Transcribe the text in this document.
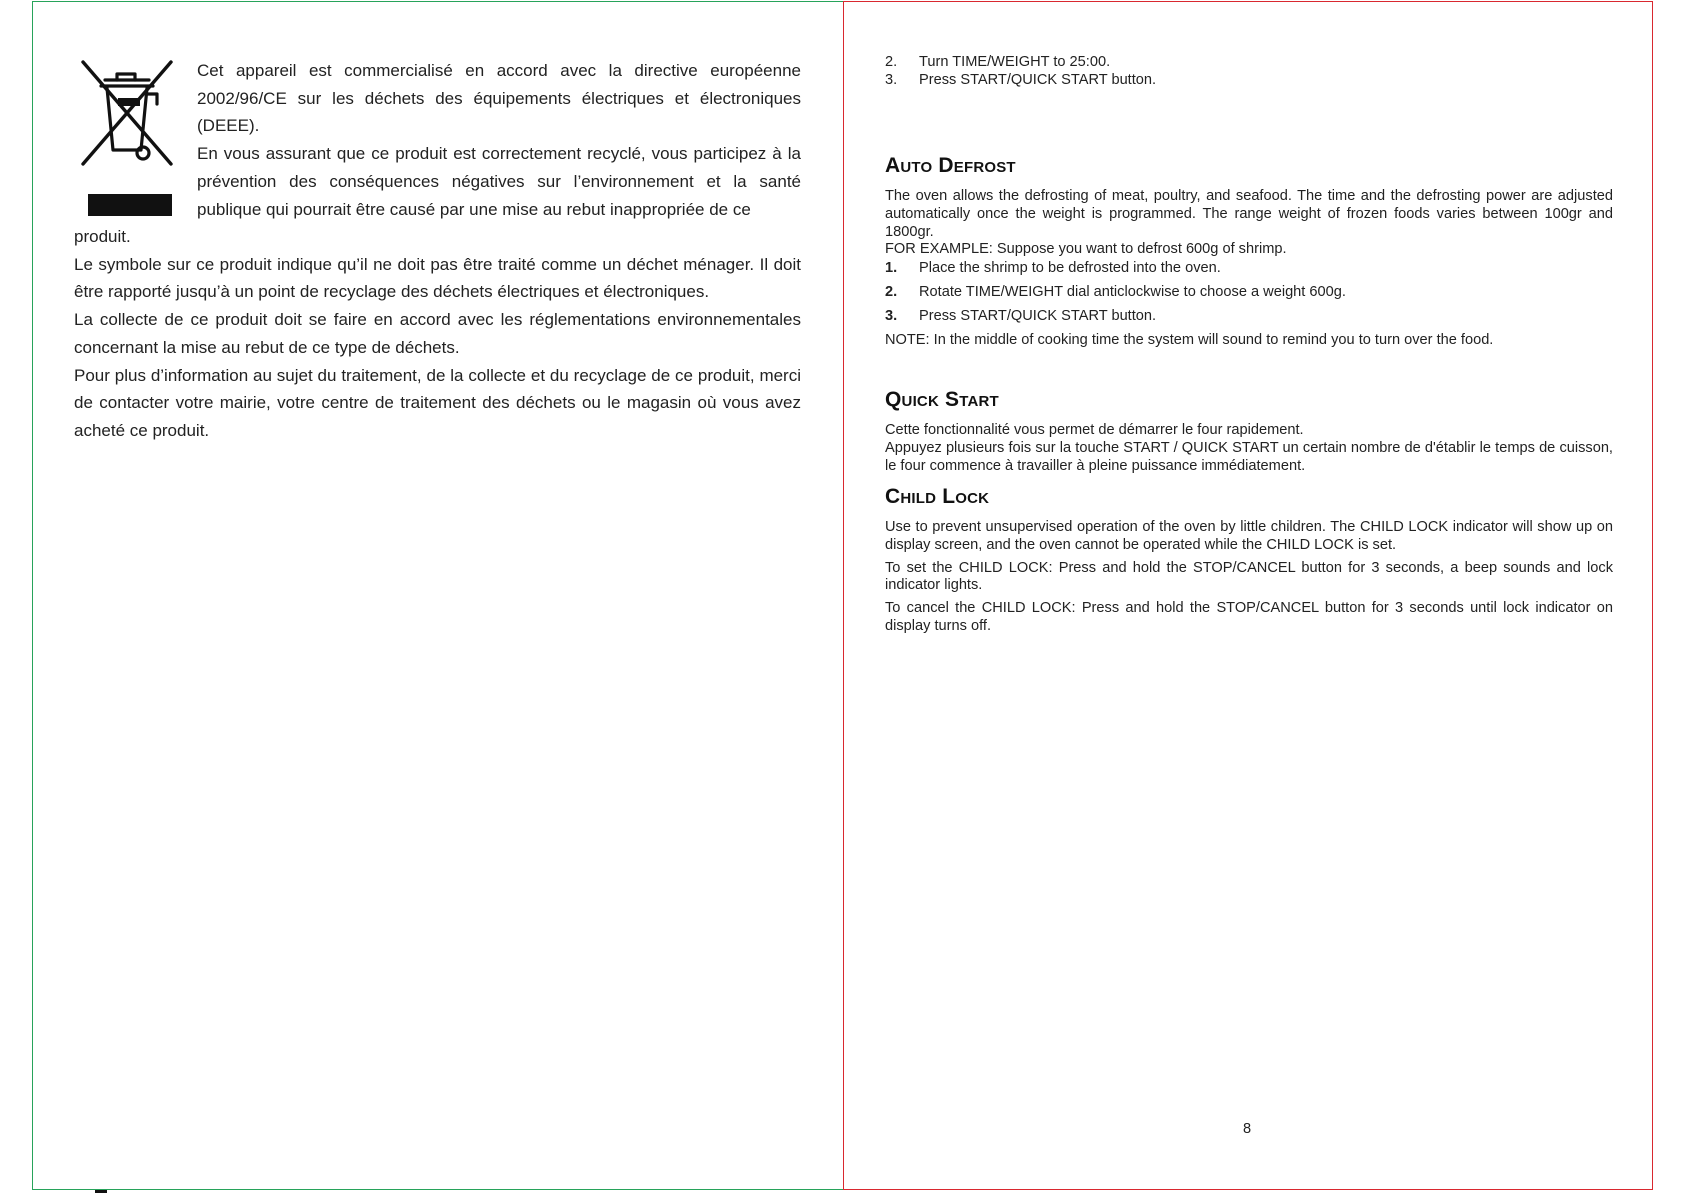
Cet appareil est commercialisé en accord avec la directive européenne 2002/96/CE sur les déchets des équipements électriques et électroniques (DEEE).
En vous assurant que ce produit est correctement recyclé, vous participez à la prévention des conséquences négatives sur l’environnement et la santé publique qui pourrait être causé par une mise au rebut inappropriée de ce

produit.

Le symbole sur ce produit indique qu’il ne doit pas être traité comme un déchet ménager. Il doit être rapporté jusqu’à un point de recyclage des déchets électriques et électroniques.

La collecte de ce produit doit se faire en accord avec les réglementations environnementales concernant la mise au rebut de ce type de déchets.

Pour plus d’information au sujet du traitement, de la collecte et du recyclage de ce produit, merci de contacter votre mairie, votre centre de traitement des déchets ou le magasin où vous avez acheté ce produit.

2.	Turn TIME/WEIGHT to 25:00.
3.	Press START/QUICK START button.
Auto Defrost

The oven allows the defrosting of meat, poultry, and seafood. The time and the defrosting power are adjusted automatically once the weight is programmed. The range weight of frozen foods varies between 100gr and 1800gr.

FOR EXAMPLE: Suppose you want to defrost 600g of shrimp.

1.	Place the shrimp to be defrosted into the oven.
2.	Rotate TIME/WEIGHT dial anticlockwise to choose a weight 600g.
3.	Press START/QUICK START button.

NOTE: In the middle of cooking time the system will sound to remind you to turn over the food.

Quick Start

Cette fonctionnalité vous permet de démarrer le four rapidement.

Appuyez plusieurs fois sur la touche START / QUICK START un certain nombre de d'établir le temps de cuisson, le four commence à travailler à pleine puissance immédiatement.

Child Lock

Use to prevent unsupervised operation of the oven by little children. The CHILD LOCK indicator will show up on display screen, and the oven cannot be operated while the CHILD LOCK is set.

To set the CHILD LOCK: Press and hold the STOP/CANCEL button for 3 seconds, a beep sounds and lock indicator lights.

To cancel the CHILD LOCK: Press and hold the STOP/CANCEL button for 3 seconds until lock indicator on display turns off.

8
